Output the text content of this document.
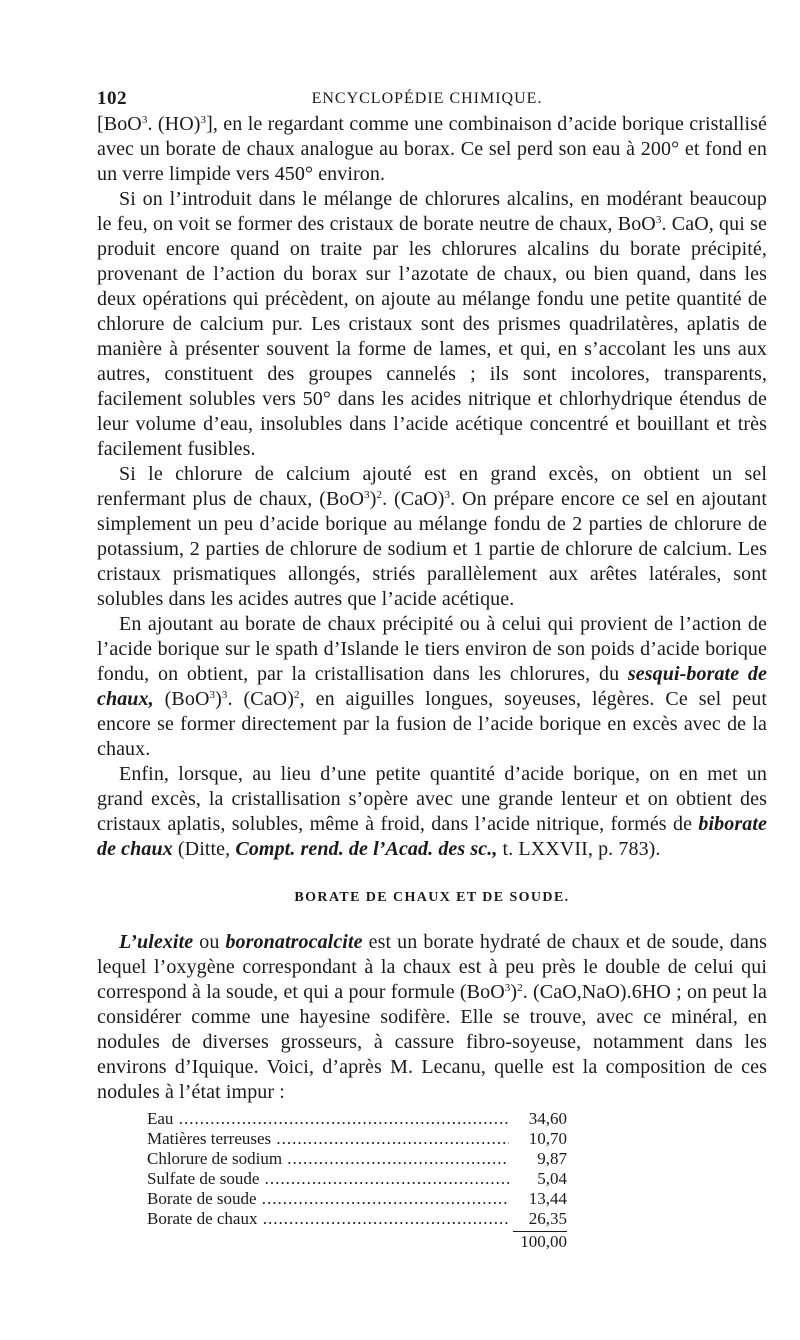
102	ENCYCLOPÉDIE CHIMIQUE.

[BoO$^3$. (HO)$^3$], en le regardant comme une combinaison d’acide borique cristallisé avec un borate de chaux analogue au borax. Ce sel perd son eau à 200° et fond en un verre limpide vers 450° environ.

Si on l’introduit dans le mélange de chlorures alcalins, en modérant beaucoup le feu, on voit se former des cristaux de borate neutre de chaux, BoO$^3$. CaO, qui se produit encore quand on traite par les chlorures alcalins du borate précipité, provenant de l’action du borax sur l’azotate de chaux, ou bien quand, dans les deux opérations qui précèdent, on ajoute au mélange fondu une petite quantité de chlorure de calcium pur. Les cristaux sont des prismes quadrilatères, aplatis de manière à présenter souvent la forme de lames, et qui, en s’accolant les uns aux autres, constituent des groupes cannelés ; ils sont incolores, transparents, facilement solubles vers 50° dans les acides nitrique et chlorhydrique étendus de leur volume d’eau, insolubles dans l’acide acétique concentré et bouillant et très facilement fusibles.

Si le chlorure de calcium ajouté est en grand excès, on obtient un sel renfermant plus de chaux, $(BoO^3)^2$. (CaO)$^3$. On prépare encore ce sel en ajoutant simplement un peu d’acide borique au mélange fondu de 2 parties de chlorure de potassium, 2 parties de chlorure de sodium et 1 partie de chlorure de calcium. Les cristaux prismatiques allongés, striés parallèlement aux arêtes latérales, sont solubles dans les acides autres que l’acide acétique.

En ajoutant au borate de chaux précipité ou à celui qui provient de l’action de l’acide borique sur le spath d’Islande le tiers environ de son poids d’acide borique fondu, on obtient, par la cristallisation dans les chlorures, du sesqui-borate de chaux, $(BoO^3)^3$. (CaO)$^2$, en aiguilles longues, soyeuses, légères. Ce sel peut encore se former directement par la fusion de l’acide borique en excès avec de la chaux.

Enfin, lorsque, au lieu d’une petite quantité d’acide borique, on en met un grand excès, la cristallisation s’opère avec une grande lenteur et on obtient des cristaux aplatis, solubles, même à froid, dans l’acide nitrique, formés de biborate de chaux (Ditte, Compt. rend. de l’Acad. des sc., t. LXXVII, p. 783).

BORATE DE CHAUX ET DE SOUDE.

L’ulexite ou boronatrocalcite est un borate hydraté de chaux et de soude, dans lequel l’oxygène correspondant à la chaux est à peu près le double de celui qui correspond à la soude, et qui a pour formule $(BoO^3)^2$. (CaO,NaO).6HO ; on peut la considérer comme une hayesine sodifère. Elle se trouve, avec ce minéral, en nodules de diverses grosseurs, à cassure fibro-soyeuse, notamment dans les environs d’Iquique. Voici, d’après M. Lecanu, quelle est la composition de ces nodules à l’état impur :

Eau .....	34,60
Matières terreuses .....	10,70
Chlorure de sodium .....	9,87
Sulfate de soude .....	5,04
Borate de soude .....	13,44
Borate de chaux .....	26,35
100,00
